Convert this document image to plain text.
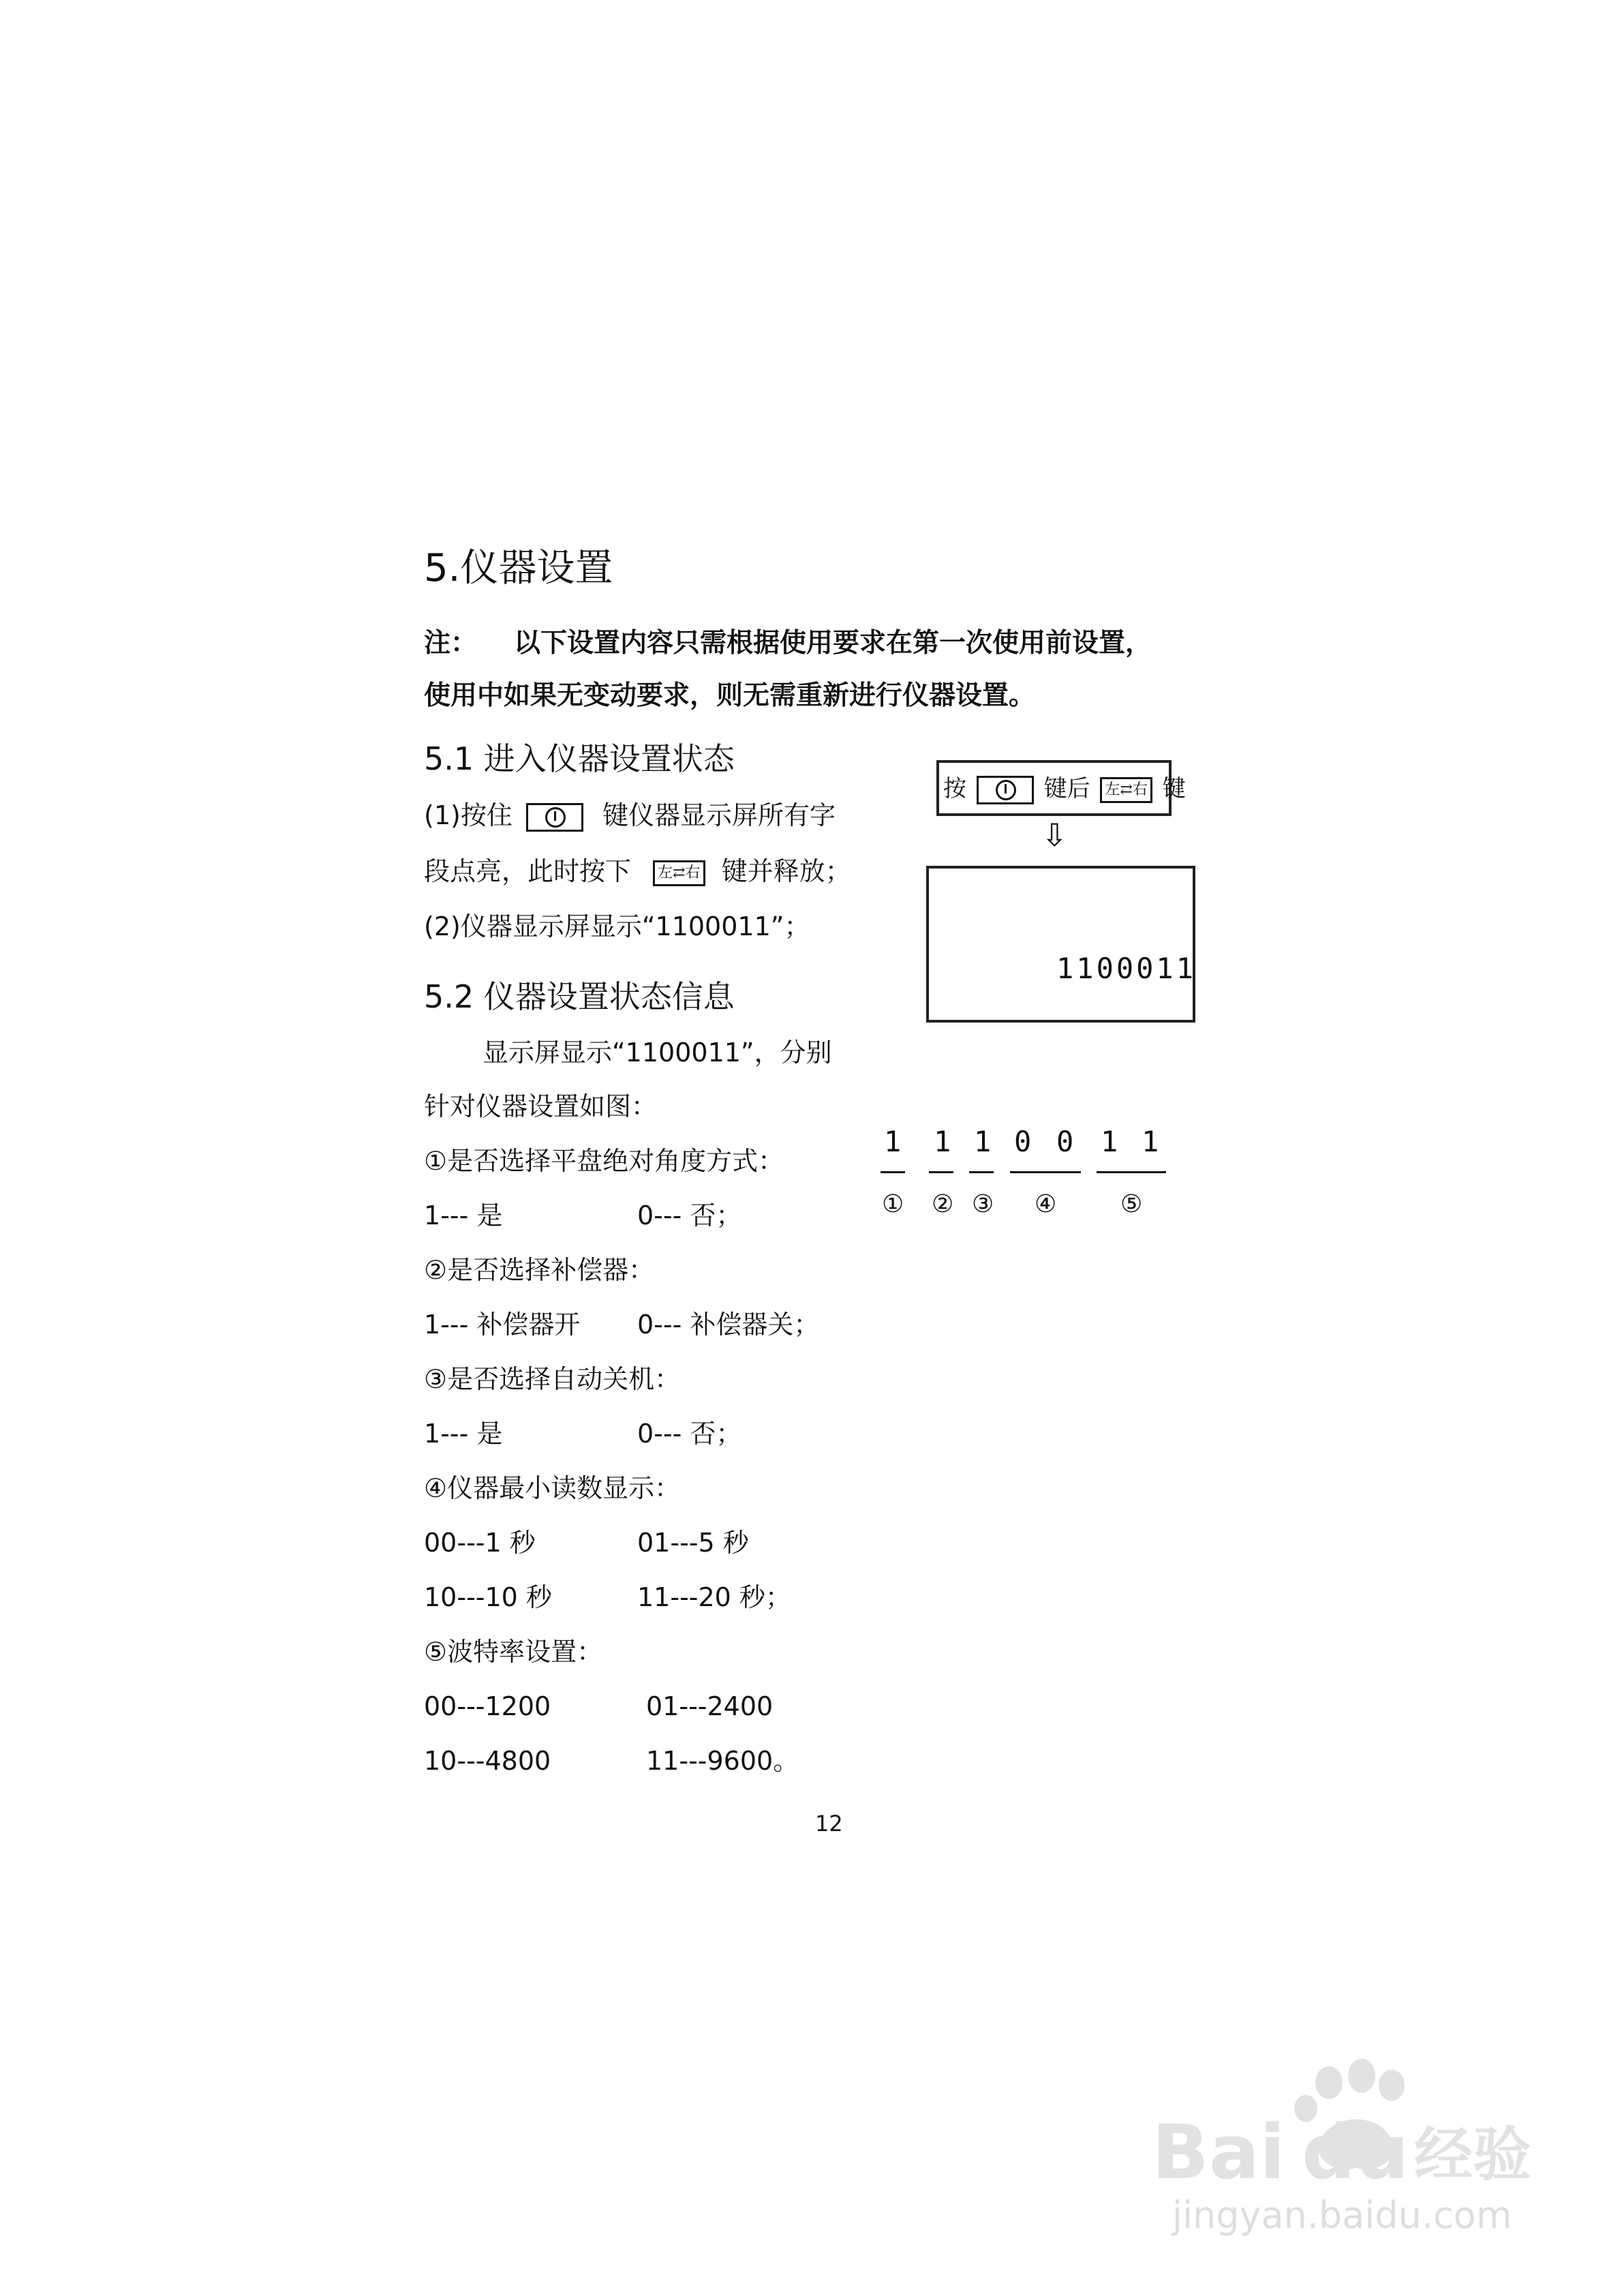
5.仪器设置
注： 以下设置内容只需根据使用要求在第一次使用前设置，
使用中如果无变动要求，则无需重新进行仪器设置。
5.1 进入仪器设置状态
(1)按住	键仪器显示屏所有字
段点亮，此时按下 左⇄右 键并释放；
(2)仪器显示屏显示“1100011”；
5.2 仪器设置状态信息
显示屏显示“1100011”，分别
针对仪器设置如图：
①是否选择平盘绝对角度方式：
1--- 是	0--- 否；
②是否选择补偿器：
1--- 补偿器开 0--- 补偿器关；
③是否选择自动关机：
1--- 是	0--- 否；
④仪器最小读数显示：
00---1 秒	01---5 秒
10---10 秒	11---20 秒；
⑤波特率设置：
00---1200	01---2400
10---4800	11---9600。
按	键后 左⇄右 键
⇩
1100011
1 1 1 0 0 1 1
① ② ③ ④	⑤
12
Bai du 经验
jingyan.baidu.com
